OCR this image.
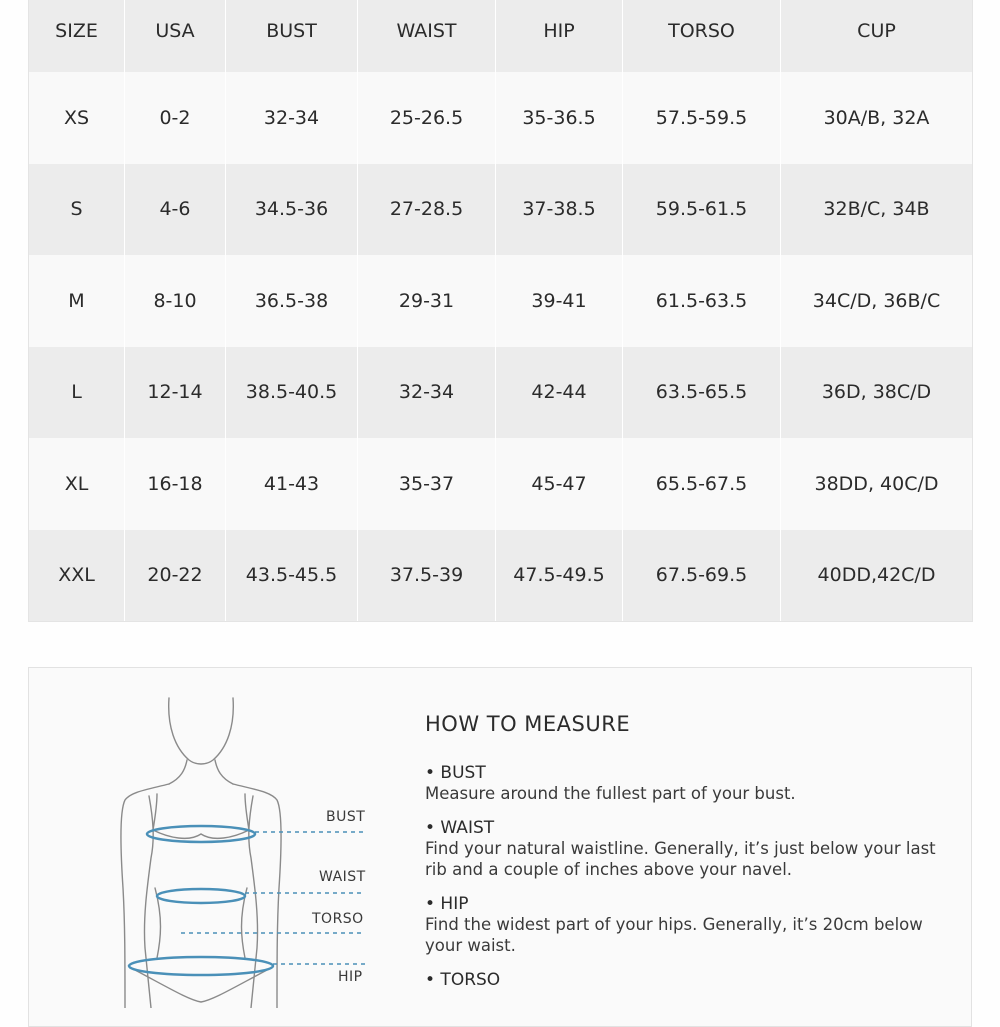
SIZE	USA	BUST	WAIST	HIP	TORSO	CUP
XS	0-2	32-34	25-26.5	35-36.5	57.5-59.5	30A/B, 32A
S	4-6	34.5-36	27-28.5	37-38.5	59.5-61.5	32B/C, 34B
M	8-10	36.5-38	29-31	39-41	61.5-63.5	34C/D, 36B/C
L	12-14	38.5-40.5	32-34	42-44	63.5-65.5	36D, 38C/D
XL	16-18	41-43	35-37	45-47	65.5-67.5	38DD, 40C/D
XXL	20-22	43.5-45.5	37.5-39	47.5-49.5	67.5-69.5	40DD,42C/D
BUST
WAIST
TORSO
HIP
HOW TO MEASURE
• BUST
Measure around the fullest part of your bust.
• WAIST
Find your natural waistline. Generally, it’s just below your last rib and a couple of inches above your navel.
• HIP
Find the widest part of your hips. Generally, it’s 20cm below your waist.
• TORSO
